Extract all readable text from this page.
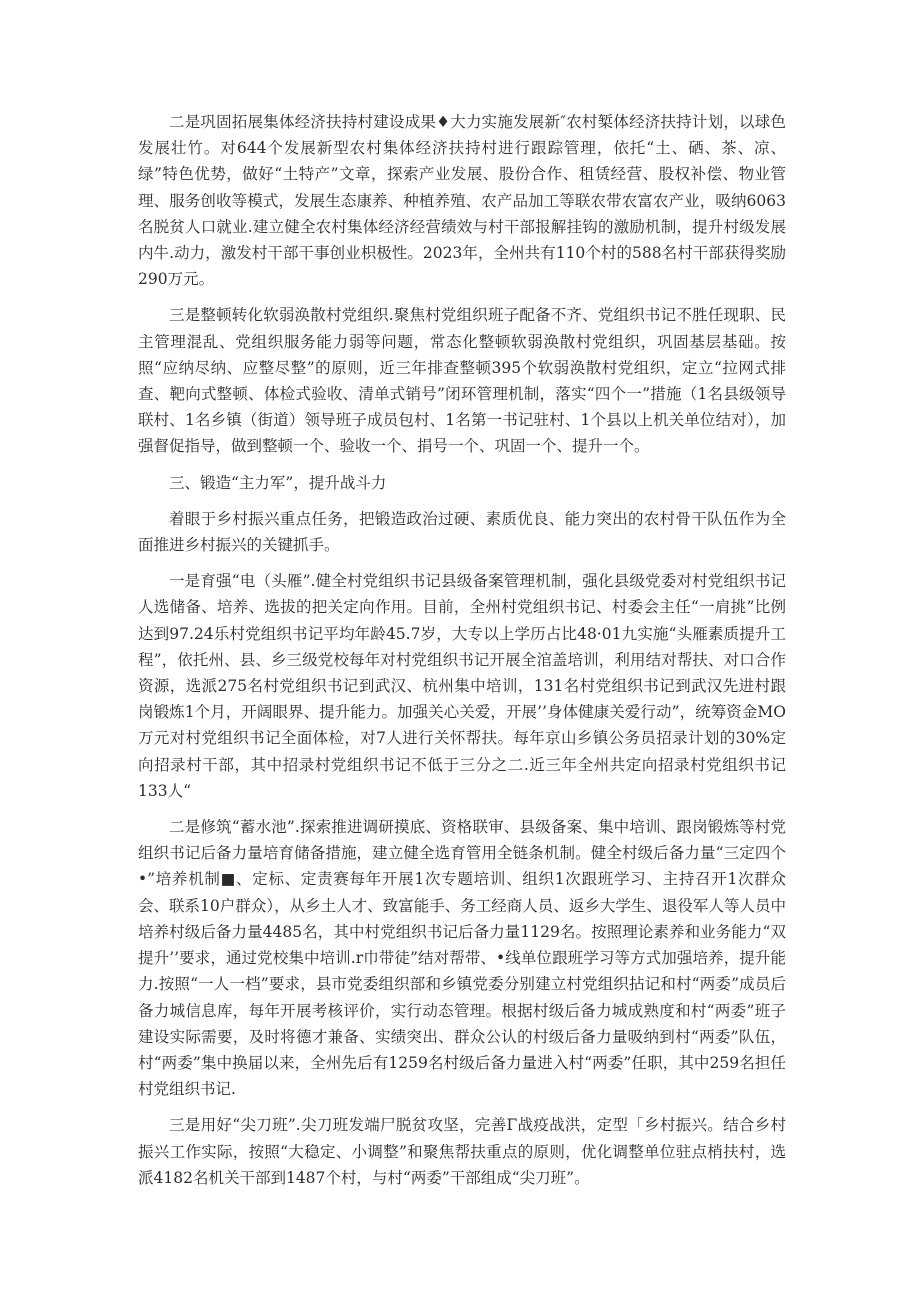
二是巩固拓展集体经济扶持村建设成果♦大力实施发展新″农村椠体经济扶持计划，以球色发展壮竹。对644个发展新型农村集体经济扶持村进行跟踪管理，依托“土、硒、茶、凉、绿”特色优势，做好“土特产”文章，探索产业发展、股份合作、租赁经营、股权补偿、物业管理、服务创收等模式，发展生态康养、种植养殖、农产品加工等联农带农富农产业，吸纳6063名脱贫人口就业.建立健全农村集体经济经营绩效与村干部报解挂钩的激励机制，提升村级发展内牛.动力，激发村干部干事创业枳极性。2023年，全州共有110个村的588名村干部获得奖励290万元。

三是整顿转化软弱涣散村党组织.聚焦村党组织班子配备不齐、党组织书记不胜任现职、民主管理混乱、党组织服务能力弱等问题，常态化整顿软弱涣散村党组织，巩固基层基础。按照“应纳尽纳、应整尽整”的原则，近三年排查整顿395个软弱涣散村党组织，定立“拉网式排查、靶向式整顿、体检式验收、清单式销号”闭环管理机制，落实“四个一”措施（1名县级领导联村、1名乡镇（街道）领导班子成员包村、1名第一书记驻村、1个县以上机关单位结对），加强督促指导，做到整顿一个、验收一个、捐号一个、巩固一个、提升一个。

三、锻造“主力军”，提升战斗力

着眼于乡村振兴重点任务，把锻造政治过硬、素质优良、能力突出的农村骨干队伍作为全面推进乡村振兴的关键抓手。

一是育强“电（头雁”.健全村党组织书记县级备案管理机制，强化县级党委对村党组织书记人选储备、培养、选拔的把关定向作用。目前，全州村党组织书记、村委会主任“一肩挑”比例达到97.24乐村党组织书记平均年龄45.7岁，大专以上学历占比48·01九实施“头雁素质提升工程”，依托州、县、乡三级党校每年对村党组织书记开展全涫盖培训，利用结对帮扶、对口合作资源，选派275名村党组织书记到武汉、杭州集中培训，131名村党组织书记到武汉先进村跟岗锻炼1个月，开阔眼界、提升能力。加强关心关爱，开展’’身体健康关爱行动”，统筹资金MO万元对村党组织书记全面体检，对7人进行关怀帮扶。每年京山乡镇公务员招录计划的30%定向招录村干部，其中招录村党组织书记不低于三分之二.近三年全州共定向招录村党组织书记133人“

二是修筑“蓄水池”.探索推进调研摸底、资格联审、县级备案、集中培训、跟岗锻炼等村党组织书记后备力量培育储备措施，建立健全选育管用全链条机制。健全村级后备力量“三定四个•”培养机制■、定标、定责赛每年开展1次专题培训、组织1次跟班学习、主持召开1次群众会、联系10户群众），从乡土人才、致富能手、务工经商人员、返乡大学生、退役军人等人员中培养村级后备力量4485名，其中村党组织书记后备力量1129名。按照理论素养和业务能力“双提升’’要求，通过党校集中培训.r巾带徒”结对帮带、•线单位跟班学习等方式加强培养，提升能力.按照“一人一档”要求，县市党委组织部和乡镇党委分别建立村党组织拈记和村“两委”成员后备力城信息库，每年开展考核评价，实行动态管理。根据村级后备力城成熟度和村“两委”班子建设实际需要，及时将德才兼备、实绩突出、群众公认的村级后备力量吸纳到村“两委”队伍，村“两委”集中换届以来，全州先后有1259名村级后备力量进入村“两委”任职，其中259名担任村党组织书记.

三是用好“尖刀班”.尖刀班发端尸脱贫攻坚，完善Γ战疫战洪，定型「乡村振兴。结合乡村振兴工作实际，按照“大稳定、小调整”和聚焦帮扶重点的原则，优化调整单位驻点梢扶村，选派4182名机关干部到1487个村，与村“两委”干部组成“尖刀班”。
